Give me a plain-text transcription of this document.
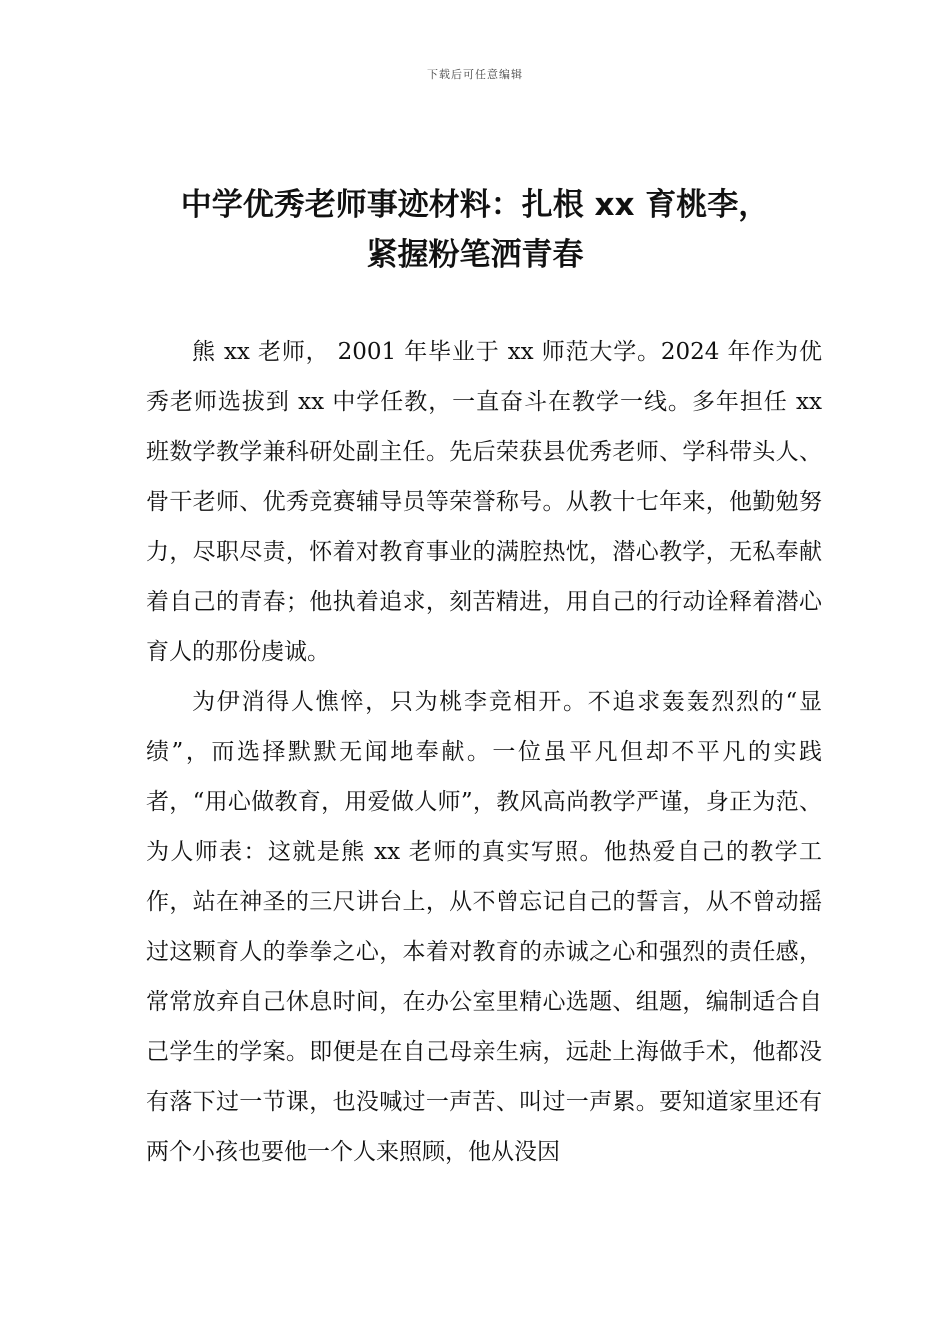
下载后可任意编辑
中学优秀老师事迹材料：扎根 xx 育桃李，
紧握粉笔洒青春

熊 xx 老师， 2001 年毕业于 xx 师范大学。2024 年作为优秀老师选拔到 xx 中学任教，一直奋斗在教学一线。多年担任 xx 班数学教学兼科研处副主任。先后荣获县优秀老师、学科带头人、骨干老师、优秀竞赛辅导员等荣誉称号。从教十七年来，他勤勉努力，尽职尽责，怀着对教育事业的满腔热忱，潜心教学，无私奉献着自己的青春；他执着追求，刻苦精进，用自己的行动诠释着潜心育人的那份虔诚。

为伊消得人憔悴，只为桃李竞相开。不追求轰轰烈烈的“显绩”，而选择默默无闻地奉献。一位虽平凡但却不平凡的实践者，“用心做教育，用爱做人师”，教风高尚教学严谨，身正为范、为人师表：这就是熊 xx 老师的真实写照。他热爱自己的教学工作，站在神圣的三尺讲台上，从不曾忘记自己的誓言，从不曾动摇过这颗育人的拳拳之心，本着对教育的赤诚之心和强烈的责任感，常常放弃自己休息时间，在办公室里精心选题、组题，编制适合自己学生的学案。即便是在自己母亲生病，远赴上海做手术，他都没有落下过一节课，也没喊过一声苦、叫过一声累。要知道家里还有两个小孩也要他一个人来照顾，他从没因
